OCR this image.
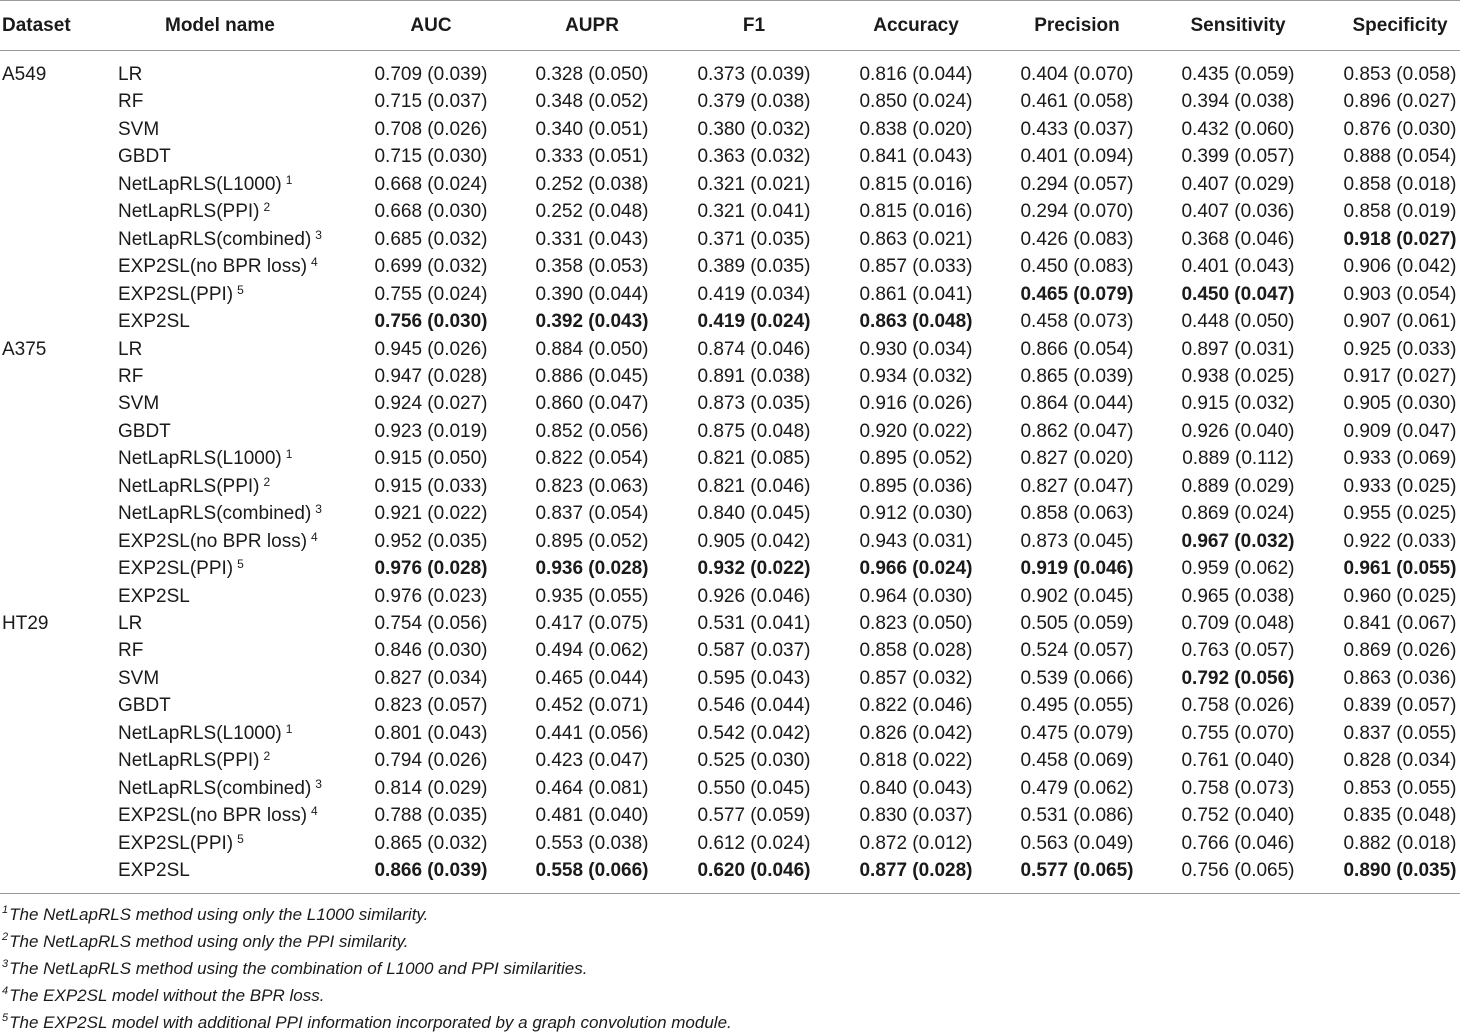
Dataset	Model name	AUC	AUPR	F1	Accuracy	Precision	Sensitivity	Specificity
A549	LR	0.709 (0.039)	0.328 (0.050)	0.373 (0.039)	0.816 (0.044)	0.404 (0.070)	0.435 (0.059)	0.853 (0.058)
RF	0.715 (0.037)	0.348 (0.052)	0.379 (0.038)	0.850 (0.024)	0.461 (0.058)	0.394 (0.038)	0.896 (0.027)
SVM	0.708 (0.026)	0.340 (0.051)	0.380 (0.032)	0.838 (0.020)	0.433 (0.037)	0.432 (0.060)	0.876 (0.030)
GBDT	0.715 (0.030)	0.333 (0.051)	0.363 (0.032)	0.841 (0.043)	0.401 (0.094)	0.399 (0.057)	0.888 (0.054)
NetLapRLS(L1000) $^1$	0.668 (0.024)	0.252 (0.038)	0.321 (0.021)	0.815 (0.016)	0.294 (0.057)	0.407 (0.029)	0.858 (0.018)
NetLapRLS(PPI) $^2$	0.668 (0.030)	0.252 (0.048)	0.321 (0.041)	0.815 (0.016)	0.294 (0.070)	0.407 (0.036)	0.858 (0.019)
NetLapRLS(combined) $^3$	0.685 (0.032)	0.331 (0.043)	0.371 (0.035)	0.863 (0.021)	0.426 (0.083)	0.368 (0.046)	0.918 (0.027)
EXP2SL(no BPR loss) $^4$	0.699 (0.032)	0.358 (0.053)	0.389 (0.035)	0.857 (0.033)	0.450 (0.083)	0.401 (0.043)	0.906 (0.042)
EXP2SL(PPI) $^5$	0.755 (0.024)	0.390 (0.044)	0.419 (0.034)	0.861 (0.041)	0.465 (0.079)	0.450 (0.047)	0.903 (0.054)
EXP2SL	0.756 (0.030)	0.392 (0.043)	0.419 (0.024)	0.863 (0.048)	0.458 (0.073)	0.448 (0.050)	0.907 (0.061)
A375	LR	0.945 (0.026)	0.884 (0.050)	0.874 (0.046)	0.930 (0.034)	0.866 (0.054)	0.897 (0.031)	0.925 (0.033)
RF	0.947 (0.028)	0.886 (0.045)	0.891 (0.038)	0.934 (0.032)	0.865 (0.039)	0.938 (0.025)	0.917 (0.027)
SVM	0.924 (0.027)	0.860 (0.047)	0.873 (0.035)	0.916 (0.026)	0.864 (0.044)	0.915 (0.032)	0.905 (0.030)
GBDT	0.923 (0.019)	0.852 (0.056)	0.875 (0.048)	0.920 (0.022)	0.862 (0.047)	0.926 (0.040)	0.909 (0.047)
NetLapRLS(L1000) $^1$	0.915 (0.050)	0.822 (0.054)	0.821 (0.085)	0.895 (0.052)	0.827 (0.020)	0.889 (0.112)	0.933 (0.069)
NetLapRLS(PPI) $^2$	0.915 (0.033)	0.823 (0.063)	0.821 (0.046)	0.895 (0.036)	0.827 (0.047)	0.889 (0.029)	0.933 (0.025)
NetLapRLS(combined) $^3$	0.921 (0.022)	0.837 (0.054)	0.840 (0.045)	0.912 (0.030)	0.858 (0.063)	0.869 (0.024)	0.955 (0.025)
EXP2SL(no BPR loss) $^4$	0.952 (0.035)	0.895 (0.052)	0.905 (0.042)	0.943 (0.031)	0.873 (0.045)	0.967 (0.032)	0.922 (0.033)
EXP2SL(PPI) $^5$	0.976 (0.028)	0.936 (0.028)	0.932 (0.022)	0.966 (0.024)	0.919 (0.046)	0.959 (0.062)	0.961 (0.055)
EXP2SL	0.976 (0.023)	0.935 (0.055)	0.926 (0.046)	0.964 (0.030)	0.902 (0.045)	0.965 (0.038)	0.960 (0.025)
HT29	LR	0.754 (0.056)	0.417 (0.075)	0.531 (0.041)	0.823 (0.050)	0.505 (0.059)	0.709 (0.048)	0.841 (0.067)
RF	0.846 (0.030)	0.494 (0.062)	0.587 (0.037)	0.858 (0.028)	0.524 (0.057)	0.763 (0.057)	0.869 (0.026)
SVM	0.827 (0.034)	0.465 (0.044)	0.595 (0.043)	0.857 (0.032)	0.539 (0.066)	0.792 (0.056)	0.863 (0.036)
GBDT	0.823 (0.057)	0.452 (0.071)	0.546 (0.044)	0.822 (0.046)	0.495 (0.055)	0.758 (0.026)	0.839 (0.057)
NetLapRLS(L1000) $^1$	0.801 (0.043)	0.441 (0.056)	0.542 (0.042)	0.826 (0.042)	0.475 (0.079)	0.755 (0.070)	0.837 (0.055)
NetLapRLS(PPI) $^2$	0.794 (0.026)	0.423 (0.047)	0.525 (0.030)	0.818 (0.022)	0.458 (0.069)	0.761 (0.040)	0.828 (0.034)
NetLapRLS(combined) $^3$	0.814 (0.029)	0.464 (0.081)	0.550 (0.045)	0.840 (0.043)	0.479 (0.062)	0.758 (0.073)	0.853 (0.055)
EXP2SL(no BPR loss) $^4$	0.788 (0.035)	0.481 (0.040)	0.577 (0.059)	0.830 (0.037)	0.531 (0.086)	0.752 (0.040)	0.835 (0.048)
EXP2SL(PPI) $^5$	0.865 (0.032)	0.553 (0.038)	0.612 (0.024)	0.872 (0.012)	0.563 (0.049)	0.766 (0.046)	0.882 (0.018)
EXP2SL	0.866 (0.039)	0.558 (0.066)	0.620 (0.046)	0.877 (0.028)	0.577 (0.065)	0.756 (0.065)	0.890 (0.035)
$^1$The NetLapRLS method using only the L1000 similarity.
$^2$The NetLapRLS method using only the PPI similarity.
$^3$The NetLapRLS method using the combination of L1000 and PPI similarities.
$^4$The EXP2SL model without the BPR loss.
$^5$The EXP2SL model with additional PPI information incorporated by a graph convolution module.
